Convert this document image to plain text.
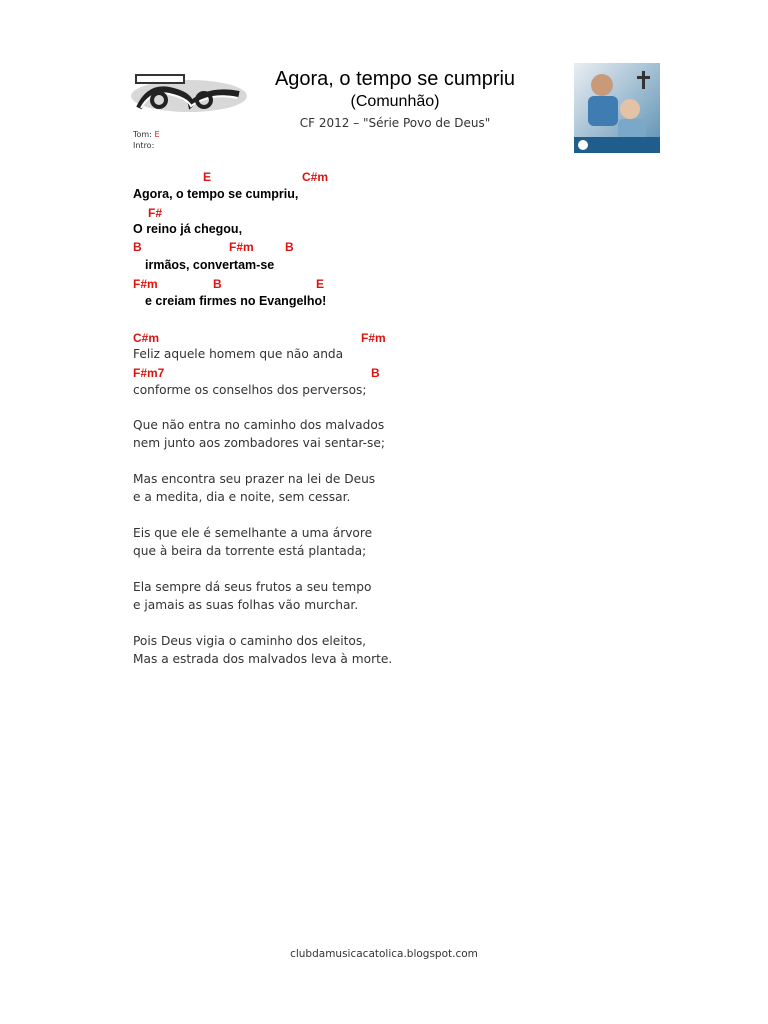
Agora, o tempo se cumpriu
(Comunhão)
CF 2012 – "Série Povo de Deus"
Tom: E
Intro:
E	C#m
Agora, o tempo se cumpriu,
F#
O reino já chegou,
B	F#m	B
irmãos, convertam-se
F#m	B	E
e creiam firmes no Evangelho!
C#m	F#m
Feliz aquele homem que não anda
F#m7	B
conforme os conselhos dos perversos;
Que não entra no caminho dos malvados
nem junto aos zombadores vai sentar-se;
Mas encontra seu prazer na lei de Deus
e a medita, dia e noite, sem cessar.
Eis que ele é semelhante a uma árvore
que à beira da torrente está plantada;
Ela sempre dá seus frutos a seu tempo
e jamais as suas folhas vão murchar.
Pois Deus vigia o caminho dos eleitos,
Mas a estrada dos malvados leva à morte.
clubdamusicacatolica.blogspot.com
